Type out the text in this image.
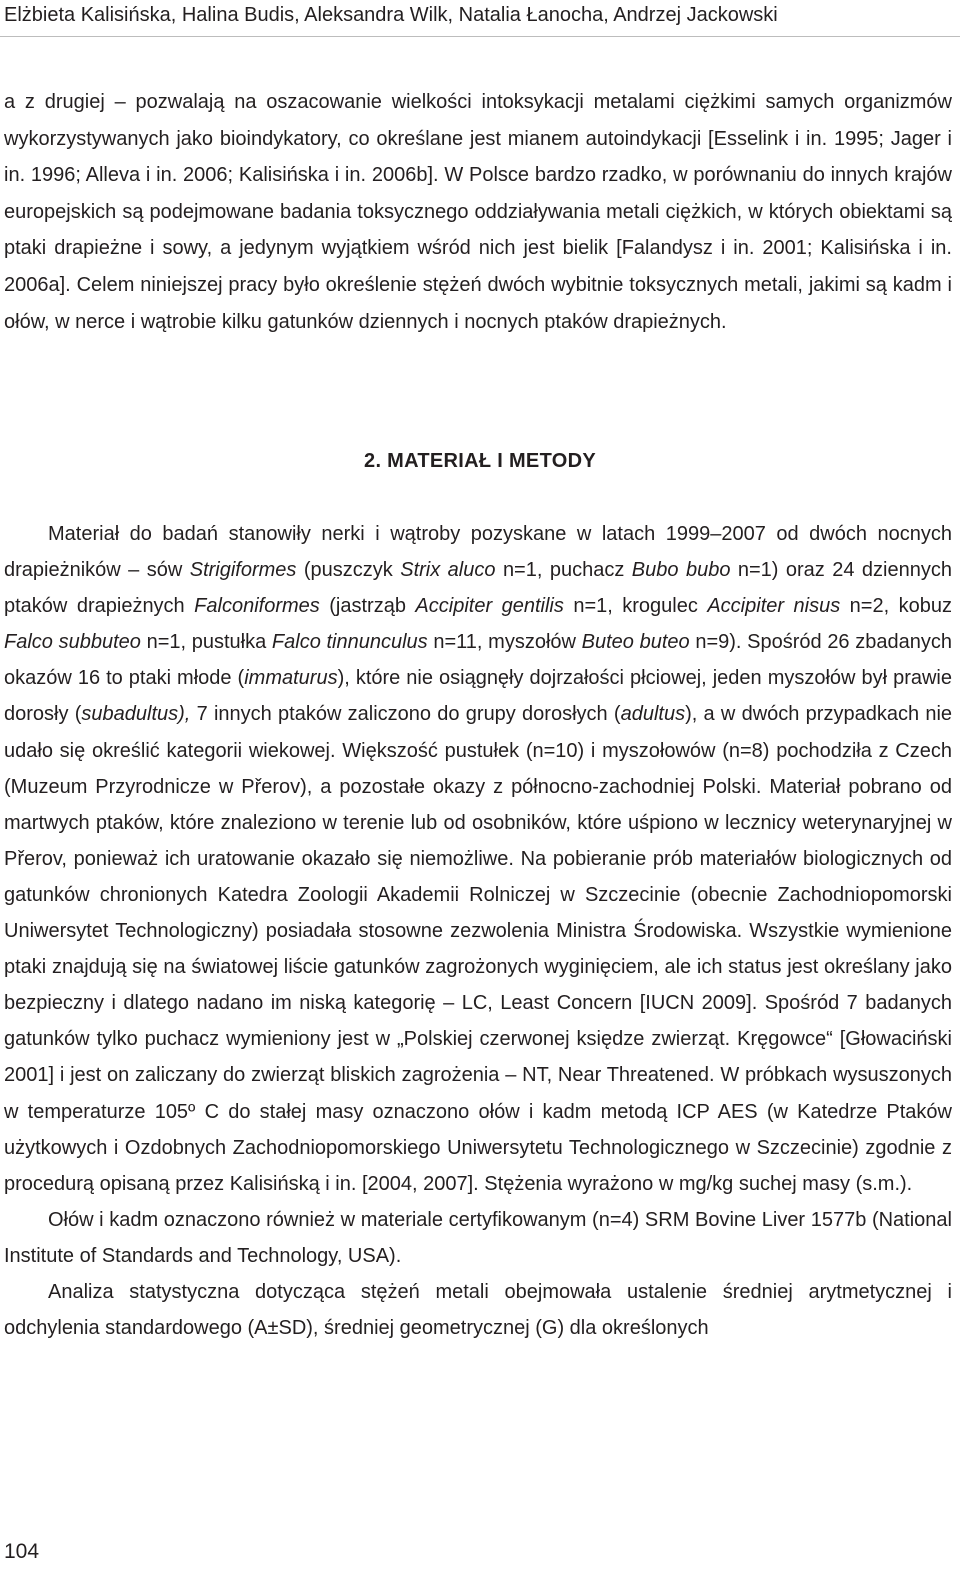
Elżbieta Kalisińska, Halina Budis, Aleksandra Wilk, Natalia Łanocha, Andrzej Jackowski

a z drugiej – pozwalają na oszacowanie wielkości intoksykacji metalami ciężkimi samych organizmów wykorzystywanych jako bioindykatory, co określane jest mianem autoindykacji [Esselink i in. 1995; Jager i in. 1996; Alleva i in. 2006; Kalisińska i in. 2006b]. W Polsce bardzo rzadko, w porównaniu do innych krajów europejskich są podejmowane badania toksycznego oddziaływania metali ciężkich, w których obiektami są ptaki drapieżne i sowy, a jedynym wyjątkiem wśród nich jest bielik [Falandysz i in. 2001; Kalisińska i in. 2006a]. Celem niniejszej pracy było określenie stężeń dwóch wybitnie toksycznych metali, jakimi są kadm i ołów, w nerce i wątrobie kilku gatunków dziennych i nocnych ptaków drapieżnych.

2. MATERIAŁ I METODY
Materiał do badań stanowiły nerki i wątroby pozyskane w latach 1999–2007 od dwóch nocnych drapieżników – sów Strigiformes (puszczyk Strix aluco n=1, puchacz Bubo bubo n=1) oraz 24 dziennych ptaków drapieżnych Falconiformes (jastrząb Accipiter gentilis n=1, krogulec Accipiter nisus n=2, kobuz Falco subbuteo n=1, pustułka Falco tinnunculus n=11, myszołów Buteo buteo n=9). Spośród 26 zbadanych okazów 16 to ptaki młode (immaturus), które nie osiągnęły dojrzałości płciowej, jeden myszołów był prawie dorosły (subadultus), 7 innych ptaków zaliczono do grupy dorosłych (adultus), a w dwóch przypadkach nie udało się określić kategorii wiekowej. Większość pustułek (n=10) i myszołowów (n=8) pochodziła z Czech (Muzeum Przyrodnicze w Přerov), a pozostałe okazy z północno-zachodniej Polski. Materiał pobrano od martwych ptaków, które znaleziono w terenie lub od osobników, które uśpiono w lecznicy weterynaryjnej w Přerov, ponieważ ich uratowanie okazało się niemożliwe. Na pobieranie prób materiałów biologicznych od gatunków chronionych Katedra Zoologii Akademii Rolniczej w Szczecinie (obecnie Zachodniopomorski Uniwersytet Technologiczny) posiadała stosowne zezwolenia Ministra Środowiska. Wszystkie wymienione ptaki znajdują się na światowej liście gatunków zagrożonych wyginięciem, ale ich status jest określany jako bezpieczny i dlatego nadano im niską kategorię – LC, Least Concern [IUCN 2009]. Spośród 7 badanych gatunków tylko puchacz wymieniony jest w „Polskiej czerwonej księdze zwierząt. Kręgowce“ [Głowaciński 2001] i jest on zaliczany do zwierząt bliskich zagrożenia – NT, Near Threatened. W próbkach wysuszonych w temperaturze 105º C do stałej masy oznaczono ołów i kadm metodą ICP AES (w Katedrze Ptaków użytkowych i Ozdobnych Zachodniopomorskiego Uniwersytetu Technologicznego w Szczecinie) zgodnie z procedurą opisaną przez Kalisińską i in. [2004, 2007]. Stężenia wyrażono w mg/kg suchej masy (s.m.).
Ołów i kadm oznaczono również w materiale certyfikowanym (n=4) SRM Bovine Liver 1577b (National Institute of Standards and Technology, USA).
Analiza statystyczna dotycząca stężeń metali obejmowała ustalenie średniej arytmetycznej i odchylenia standardowego (A±SD), średniej geometrycznej (G) dla określonych
104
